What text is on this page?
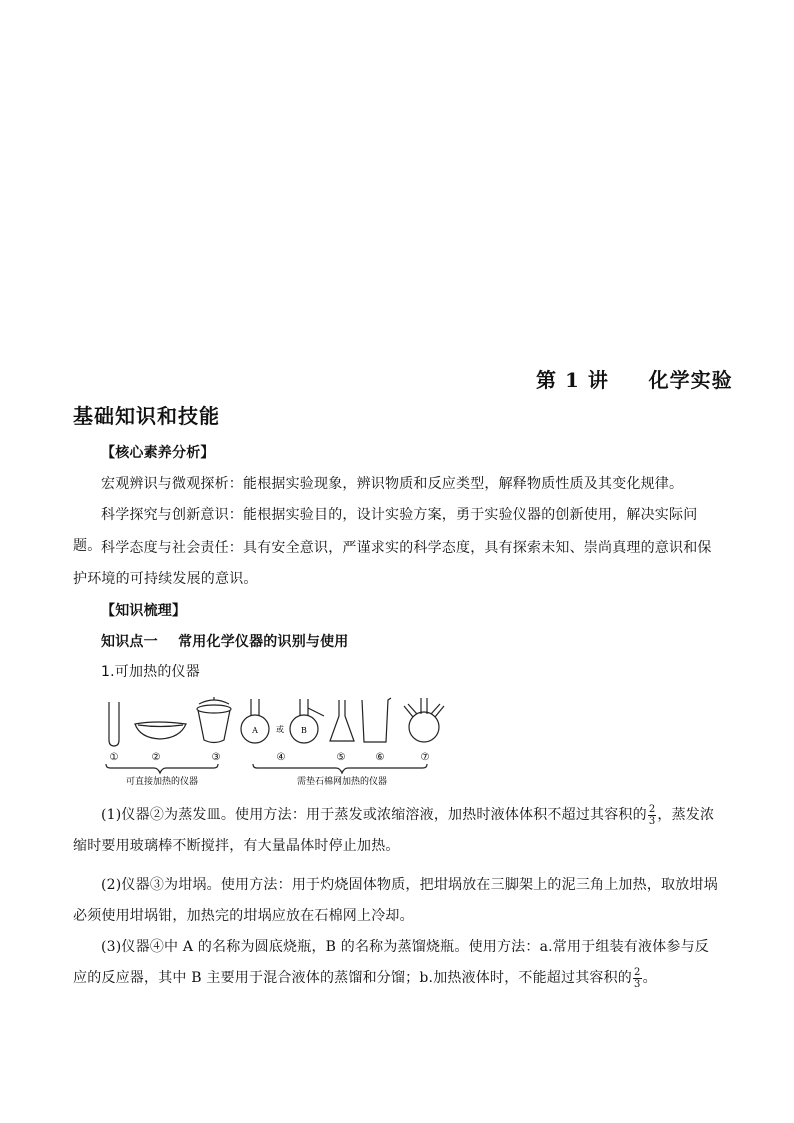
第 1 讲     化学实验
基础知识和技能
【核心素养分析】
宏观辨识与微观探析：能根据实验现象，辨识物质和反应类型，解释物质性质及其变化规律。
科学探究与创新意识：能根据实验目的，设计实验方案，勇于实验仪器的创新使用，解决实际问题。 科学态度与社会责任：具有安全意识，严谨求实的科学态度，具有探索未知、崇尚真理的意识和保护环境的可持续发展的意识。
【知识梳理】
知识点一    常用化学仪器的识别与使用
1.可加热的仪器
A	B
或
①	②	③	④	⑤	⑥	⑦
可直接加热的仪器	需垫石棉网加热的仪器
(1)仪器②为蒸发皿。使用方法：用于蒸发或浓缩溶液，加热时液体体积不超过其容积的 $\frac{2}{3}$ ，蒸发浓缩时要用玻璃棒不断搅拌，有大量晶体时停止加热。
(2)仪器③为坩埚。使用方法：用于灼烧固体物质，把坩埚放在三脚架上的泥三角上加热，取放坩埚必须使用坩埚钳，加热完的坩埚应放在石棉网上冷却。
(3)仪器④中 A 的名称为圆底烧瓶，B 的名称为蒸馏烧瓶。使用方法：a.常用于组装有液体参与反应的反应器，其中 B 主要用于混合液体的蒸馏和分馏；b.加热液体时，不能超过其容积的 $\frac{2}{3}$ 。
